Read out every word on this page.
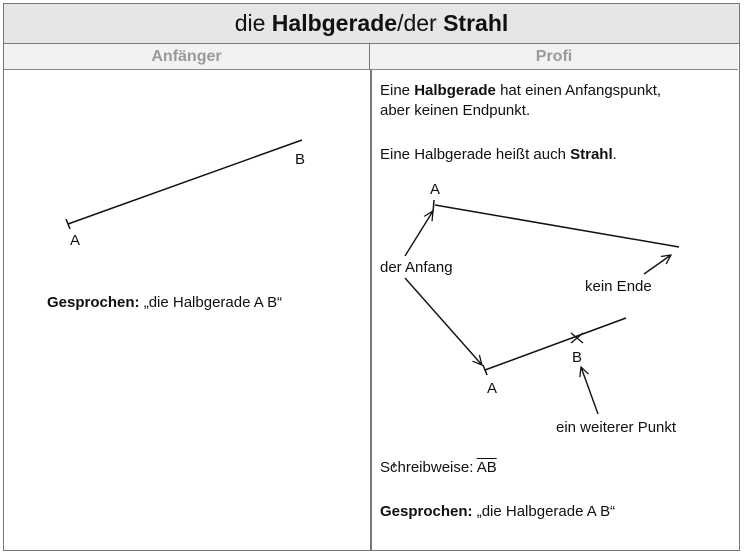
die Halbgerade/der Strahl
Anfänger	Profi
Gesprochen: „die Halbgerade A B“
Eine Halbgerade hat einen Anfangspunkt,
aber keinen Endpunkt.
Eine Halbgerade heißt auch Strahl.
Schreibweise: $\overline{AB}$
Gesprochen: „die Halbgerade A B“
A
B
A
B
A
der Anfang
kein Ende
ein weiterer Punkt
